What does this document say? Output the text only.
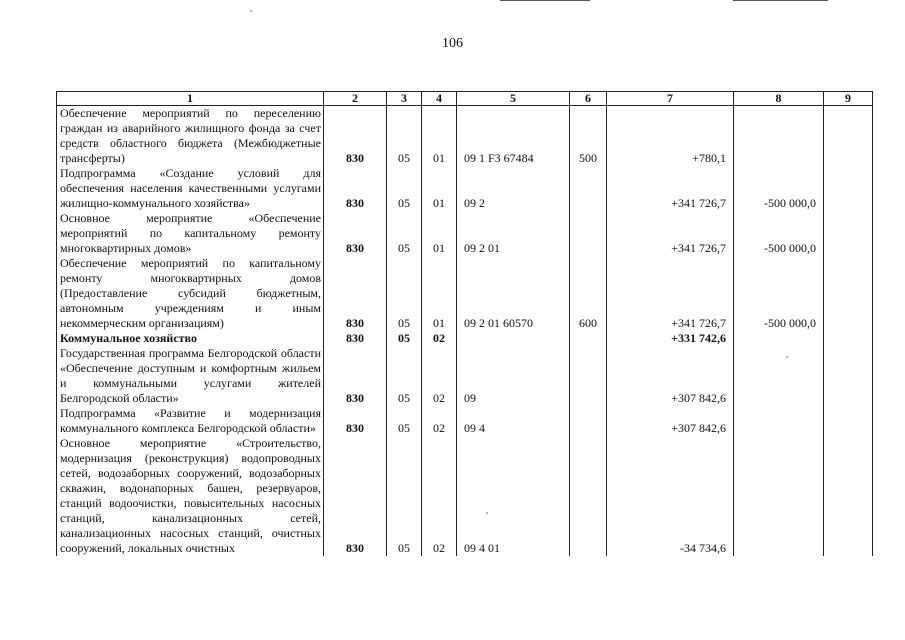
106
1	2	3	4	5	6	7	8	9
Обеспечение мероприятий по переселению граждан из аварийного жилищного фонда за счет средств областного бюджета (Межбюджетные трансферты)	830	05	01	09 1 F3 67484	500	+780,1		
Подпрограмма «Создание условий для обеспечения населения качественными услугами жилищно-коммунального хозяйства»	830	05	01	09 2		+341 726,7	-500 000,0	
Основное мероприятие «Обеспечение мероприятий по капитальному ремонту многоквартирных домов»	830	05	01	09 2 01		+341 726,7	-500 000,0	
Обеспечение мероприятий по капитальному ремонту многоквартирных домов (Предоставление субсидий бюджетным, автономным учреждениям и иным некоммерческим организациям)	830	05	01	09 2 01 60570	600	+341 726,7	-500 000,0	
Коммунальное хозяйство	830	05	02			+331 742,6		
Государственная программа Белгородской области «Обеспечение доступным и комфортным жильем и коммунальными услугами жителей Белгородской области»	830	05	02	09		+307 842,6		
Подпрограмма «Развитие и модернизация коммунального комплекса Белгородской области»	830	05	02	09 4		+307 842,6		
Основное мероприятие «Строительство, модернизация (реконструкция) водопроводных сетей, водозаборных сооружений, водозаборных скважин, водонапорных башен, резервуаров, станций водоочистки, повысительных насосных станций, канализационных сетей, канализационных насосных станций, очистных сооружений, локальных очистных	830	05	02	09 4 01		-34 734,6		
